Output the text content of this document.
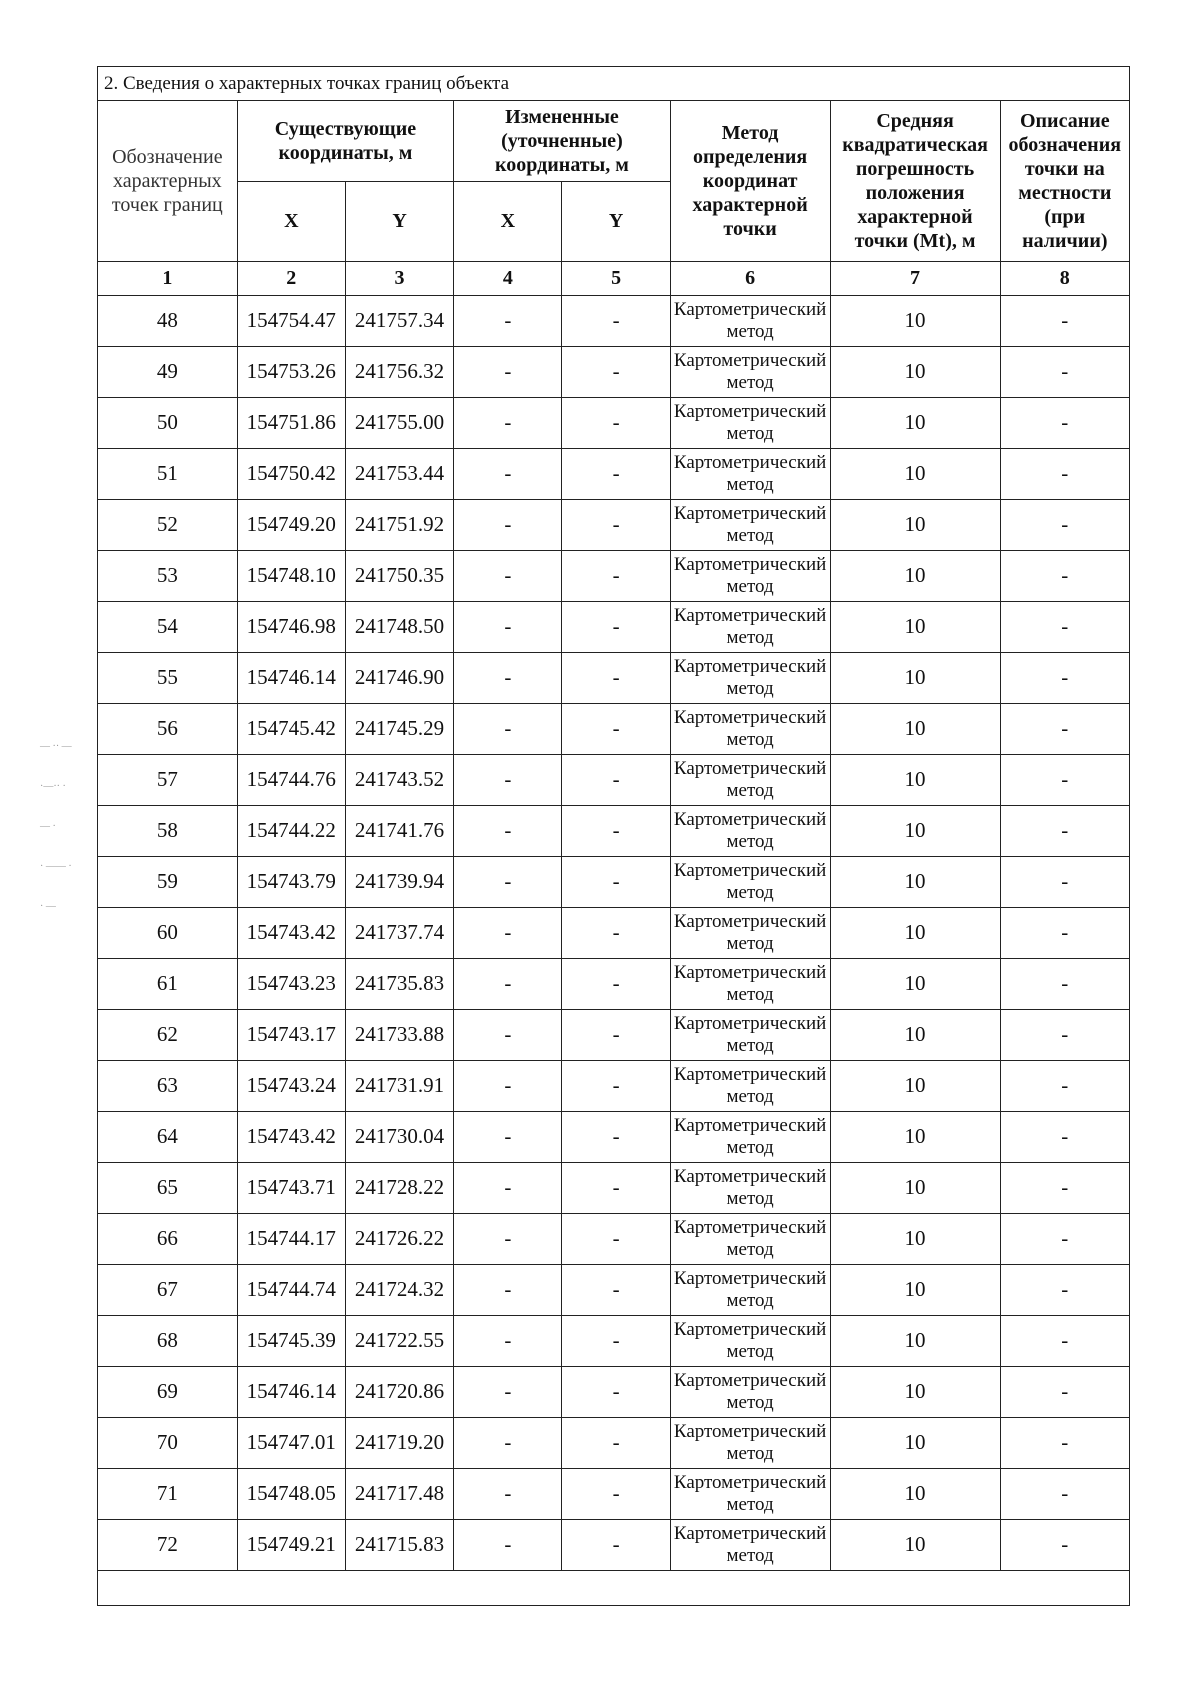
— ·· —
·—·· ·
— ·
· —— ·
· —
2. Сведения о характерных точках границ объекта
Обозначение характерных точек границ	Существующие координаты, м		Измененные (уточненные) координаты, м		Метод определения координат характерной точки	Средняя квадратическая погрешность положения характерной точки (Mt), м	Описание обозначения точки на местности (при наличии)
	X	Y	X	Y			
1	2	3	4	5	6	7	8
48	154754.47	241757.34	-	-	Картометрический метод	10	-
49	154753.26	241756.32	-	-	Картометрический метод	10	-
50	154751.86	241755.00	-	-	Картометрический метод	10	-
51	154750.42	241753.44	-	-	Картометрический метод	10	-
52	154749.20	241751.92	-	-	Картометрический метод	10	-
53	154748.10	241750.35	-	-	Картометрический метод	10	-
54	154746.98	241748.50	-	-	Картометрический метод	10	-
55	154746.14	241746.90	-	-	Картометрический метод	10	-
56	154745.42	241745.29	-	-	Картометрический метод	10	-
57	154744.76	241743.52	-	-	Картометрический метод	10	-
58	154744.22	241741.76	-	-	Картометрический метод	10	-
59	154743.79	241739.94	-	-	Картометрический метод	10	-
60	154743.42	241737.74	-	-	Картометрический метод	10	-
61	154743.23	241735.83	-	-	Картометрический метод	10	-
62	154743.17	241733.88	-	-	Картометрический метод	10	-
63	154743.24	241731.91	-	-	Картометрический метод	10	-
64	154743.42	241730.04	-	-	Картометрический метод	10	-
65	154743.71	241728.22	-	-	Картометрический метод	10	-
66	154744.17	241726.22	-	-	Картометрический метод	10	-
67	154744.74	241724.32	-	-	Картометрический метод	10	-
68	154745.39	241722.55	-	-	Картометрический метод	10	-
69	154746.14	241720.86	-	-	Картометрический метод	10	-
70	154747.01	241719.20	-	-	Картометрический метод	10	-
71	154748.05	241717.48	-	-	Картометрический метод	10	-
72	154749.21	241715.83	-	-	Картометрический метод	10	-
